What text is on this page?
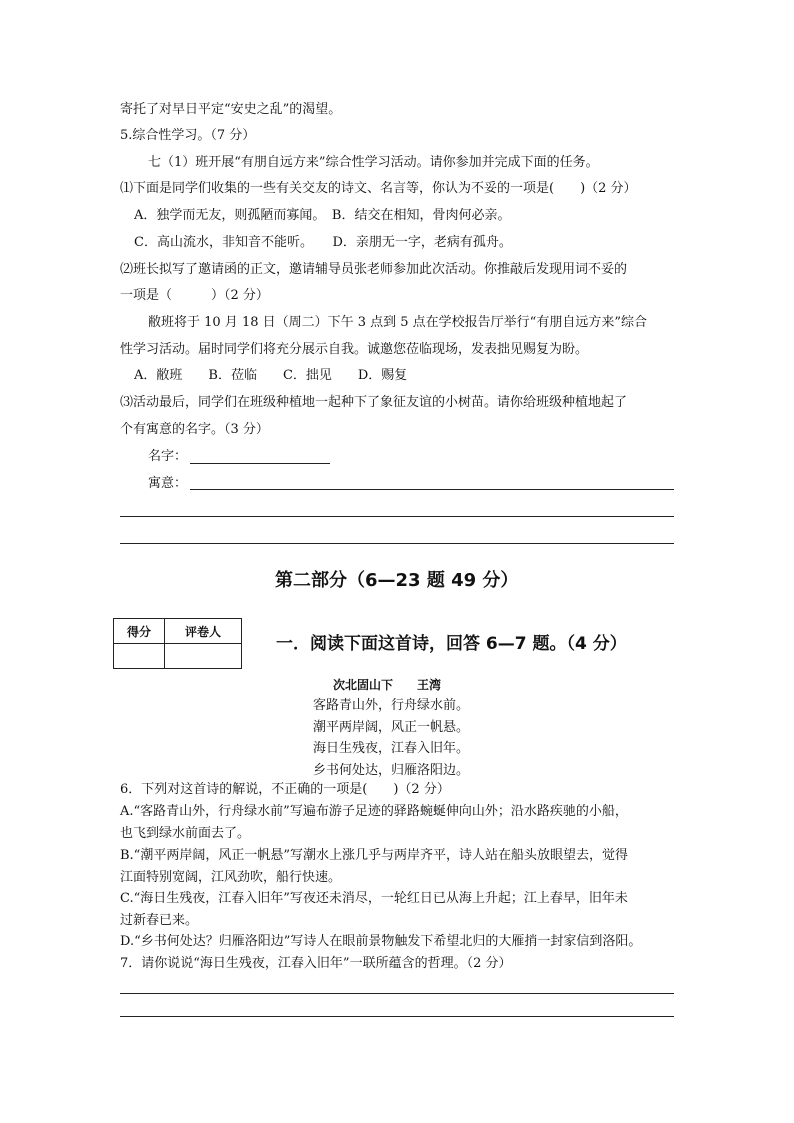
寄托了对早日平定“安史之乱”的渴望。
5.综合性学习。（7 分）
七（1）班开展“有朋自远方来”综合性学习活动。请你参加并完成下面的任务。
⑴下面是同学们收集的一些有关交友的诗文、名言等，你认为不妥的一项是(　　)（2 分）
A．独学而无友，则孤陋而寡闻。　B．结交在相知，骨肉何必亲。
C．高山流水，非知音不能听。　　D．亲朋无一字，老病有孤舟。
⑵班长拟写了邀请函的正文，邀请辅导员张老师参加此次活动。你推敲后发现用词不妥的
一项是（　　　）（2 分）
敝班将于 10 月 18 日（周二）下午 3 点到 5 点在学校报告厅举行“有朋自远方来”综合
性学习活动。届时同学们将充分展示自我。诚邀您莅临现场，发表拙见赐复为盼。
A．敝班　　B．莅临　　C．拙见　　D．赐复
⑶活动最后，同学们在班级种植地一起种下了象征友谊的小树苗。请你给班级种植地起了
个有寓意的名字。（3 分）
名字：
寓意：
第二部分（6—23 题 49 分）
得分	评卷人

一．阅读下面这首诗，回答 6—7 题。（4 分）
次北固山下　　王湾
客路青山外，行舟绿水前。
潮平两岸阔，风正一帆悬。
海日生残夜，江春入旧年。
乡书何处达，归雁洛阳边。
6．下列对这首诗的解说，不正确的一项是(　　)（2 分）
A.“客路青山外，行舟绿水前”写遍布游子足迹的驿路蜿蜒伸向山外；沿水路疾驰的小船，
也飞到绿水前面去了。
B.“潮平两岸阔，风正一帆悬”写潮水上涨几乎与两岸齐平，诗人站在船头放眼望去，觉得
江面特别宽阔，江风劲吹，船行快速。
C.“海日生残夜，江春入旧年”写夜还未消尽，一轮红日已从海上升起；江上春早，旧年未
过新春已来。
D.“乡书何处达？归雁洛阳边”写诗人在眼前景物触发下希望北归的大雁捎一封家信到洛阳。
7．请你说说“海日生残夜，江春入旧年”一联所蕴含的哲理。（2 分）
